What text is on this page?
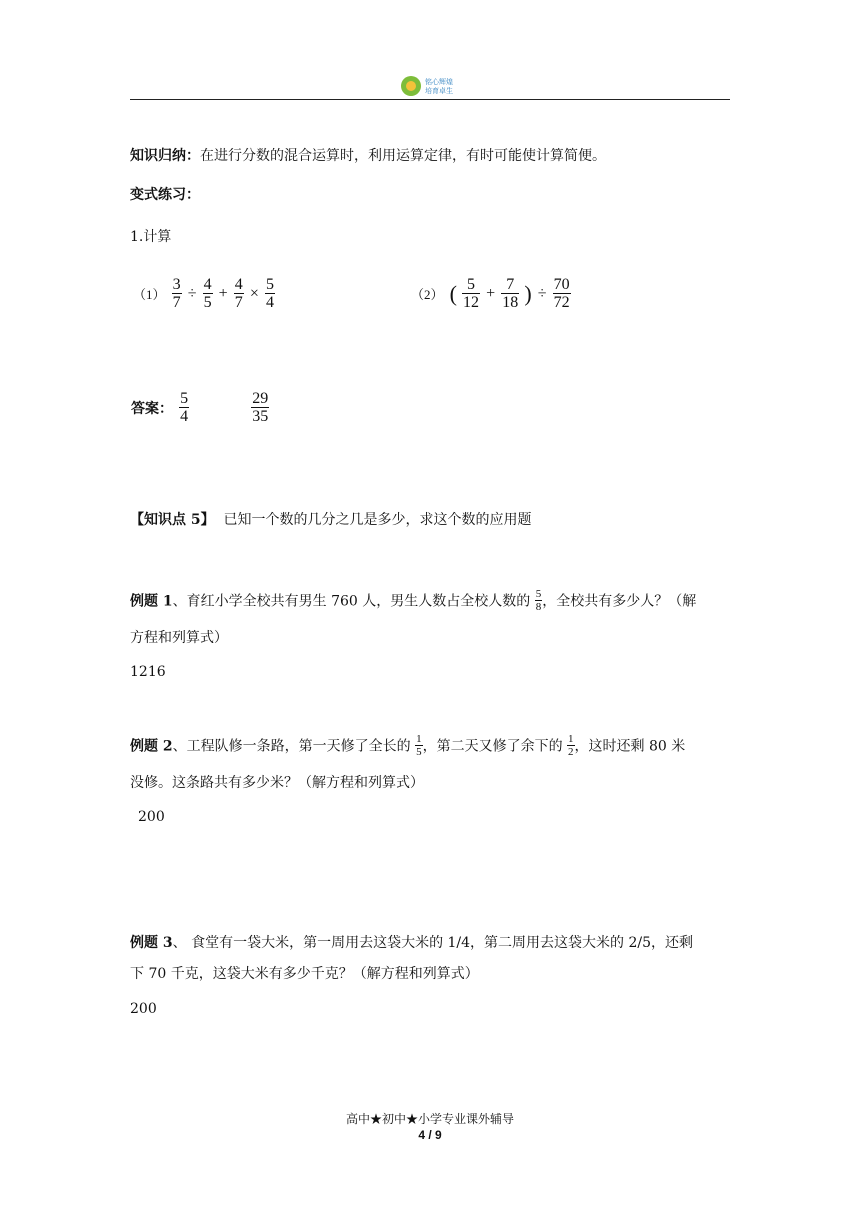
铭心辉煌
培育卓生
知识归纳：在进行分数的混合运算时，利用运算定律，有时可能使计算简便。
变式练习：
1.计算
$(1) \frac{3}{7} \div \frac{4}{5} + \frac{4}{7} \times \frac{5}{4}$	（2） ( $\frac{5}{12} + \frac{7}{18}$ ) ÷ $\frac{70}{72}$
答案： $\frac{5}{4}$
	$\frac{29}{35}$
【知识点 5】 已知一个数的几分之几是多少，求这个数的应用题
例题 1、育红小学全校共有男生 760 人，男生人数占全校人数的 $\frac{5}{8}$ ，全校共有多少人？（解
方程和列算式）
1216
例题 2、工程队修一条路，第一天修了全长的 $\frac{1}{5}$ ，第二天又修了余下的 $\frac{1}{2}$ ，这时还剩 80 米
没修。这条路共有多少米？（解方程和列算式）
200
例题 3、 食堂有一袋大米，第一周用去这袋大米的 1/4，第二周用去这袋大米的 2/5，还剩
下 70 千克，这袋大米有多少千克？（解方程和列算式）
200
高中★初中★小学专业课外辅导
4 / 9
